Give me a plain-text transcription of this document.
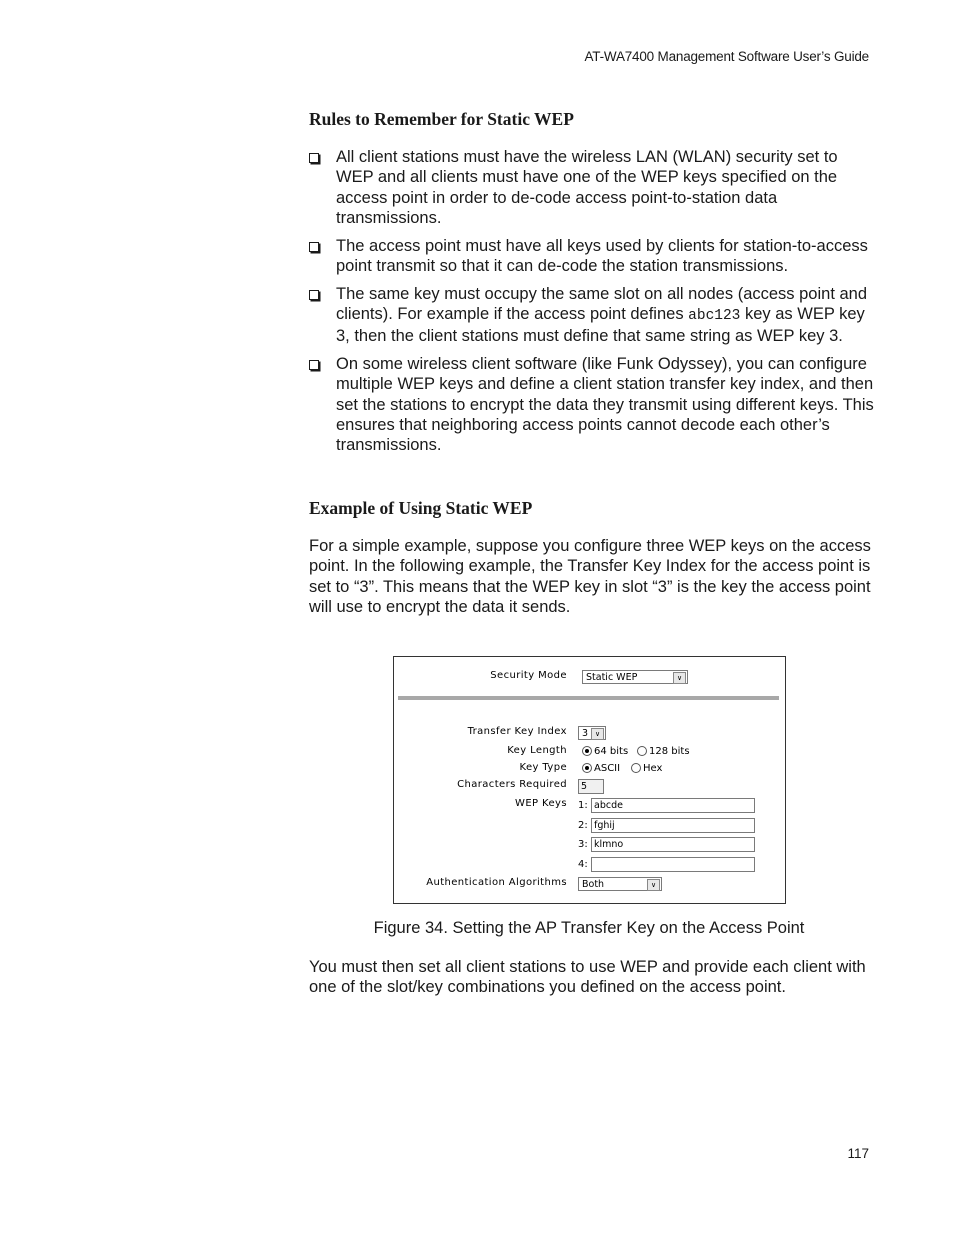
AT-WA7400 Management Software User’s Guide
Rules to Remember for Static WEP
All client stations must have the wireless LAN (WLAN) security set to WEP and all clients must have one of the WEP keys specified on the access point in order to de-code access point-to-station data transmissions.
The access point must have all keys used by clients for station-to-access point transmit so that it can de-code the station transmissions.
The same key must occupy the same slot on all nodes (access point and clients). For example if the access point defines abc123 key as WEP key 3, then the client stations must define that same string as WEP key 3.
On some wireless client software (like Funk Odyssey), you can configure multiple WEP keys and define a client station transfer key index, and then set the stations to encrypt the data they transmit using different keys. This ensures that neighboring access points cannot decode each other’s transmissions.
Example of Using Static WEP

For a simple example, suppose you configure three WEP keys on the access point. In the following example, the Transfer Key Index for the access point is set to “3”. This means that the WEP key in slot “3” is the key the access point will use to encrypt the data it sends.

Security Mode	Static WEP	∨
Transfer Key Index	3 ∨
Key Length	64 bits	128 bits
Key Type	ASCII	Hex
Characters Required	5
WEP Keys 1: abcde
2: fghij
3: klmno
4:
Authentication Algorithms	Both	∨
Figure 34. Setting the AP Transfer Key on the Access Point

You must then set all client stations to use WEP and provide each client with one of the slot/key combinations you defined on the access point.

117
